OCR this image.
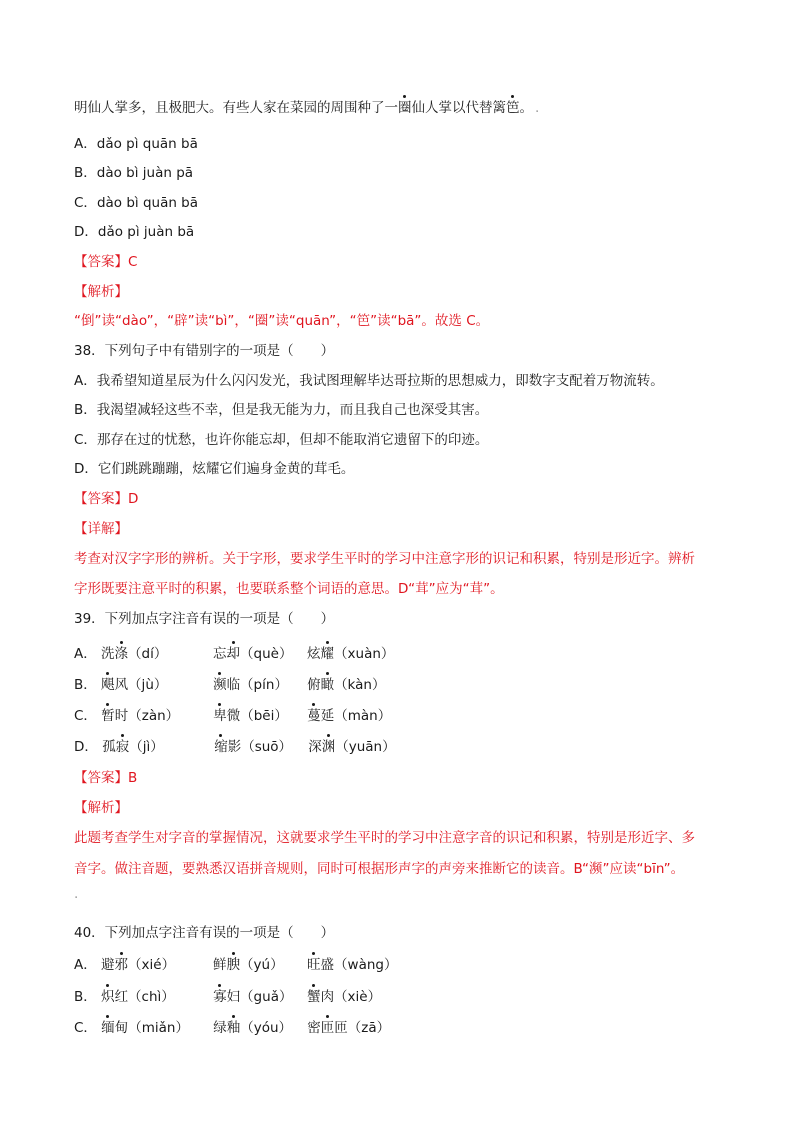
明仙人掌多，且极肥大。有些人家在菜园的周围种了一圈仙人掌以代替篱笆。 .
A．dǎo pì quān bā
B．dào bì juàn pā
C．dào bì quān bā
D．dǎo pì juàn bā
【答案】C
【解析】
“倒”读“dào”，“辟”读“bì”，“圈”读“quān”，“笆”读“bā”。故选 C。
38．下列句子中有错别字的一项是（　　）
A．我希望知道星辰为什么闪闪发光，我试图理解毕达哥拉斯的思想威力，即数字支配着万物流转。
B．我渴望减轻这些不幸，但是我无能为力，而且我自己也深受其害。
C．那存在过的忧愁，也许你能忘却，但却不能取消它遗留下的印迹。
D．它们跳跳蹦蹦，炫耀它们遍身金黄的茸毛。
【答案】D
【详解】
考查对汉字字形的辨析。关于字形，要求学生平时的学习中注意字形的识记和积累，特别是形近字。辨析
字形既要注意平时的积累，也要联系整个词语的意思。D“茸”应为“茸”。
39．下列加点字注音有误的一项是（　　）
A． 洗涤（dí）	忘却（què） 炫耀（xuàn）
B． 飓风（jù）	濒临（pín） 俯瞰（kàn）
C． 暂时（zàn）	卑微（bēi） 蔓延（màn）
D． 孤寂（jì）	缩影（suō） 深渊（yuān）
【答案】B
【解析】
此题考查学生对字音的掌握情况，这就要求学生平时的学习中注意字音的识记和积累，特别是形近字、多
音字。做注音题，要熟悉汉语拼音规则，同时可根据形声字的声旁来推断它的读音。B“濒”应读“bīn”。
.
40．下列加点字注音有误的一项是（　　）
A． 避邪（xié）	鲜腴（yú） 旺盛（wàng）
B． 炽红（chì）	寡妇（guǎ） 蟹肉（xiè）
C． 缅甸（miǎn） 绿釉（yóu） 密匝匝（zā）
